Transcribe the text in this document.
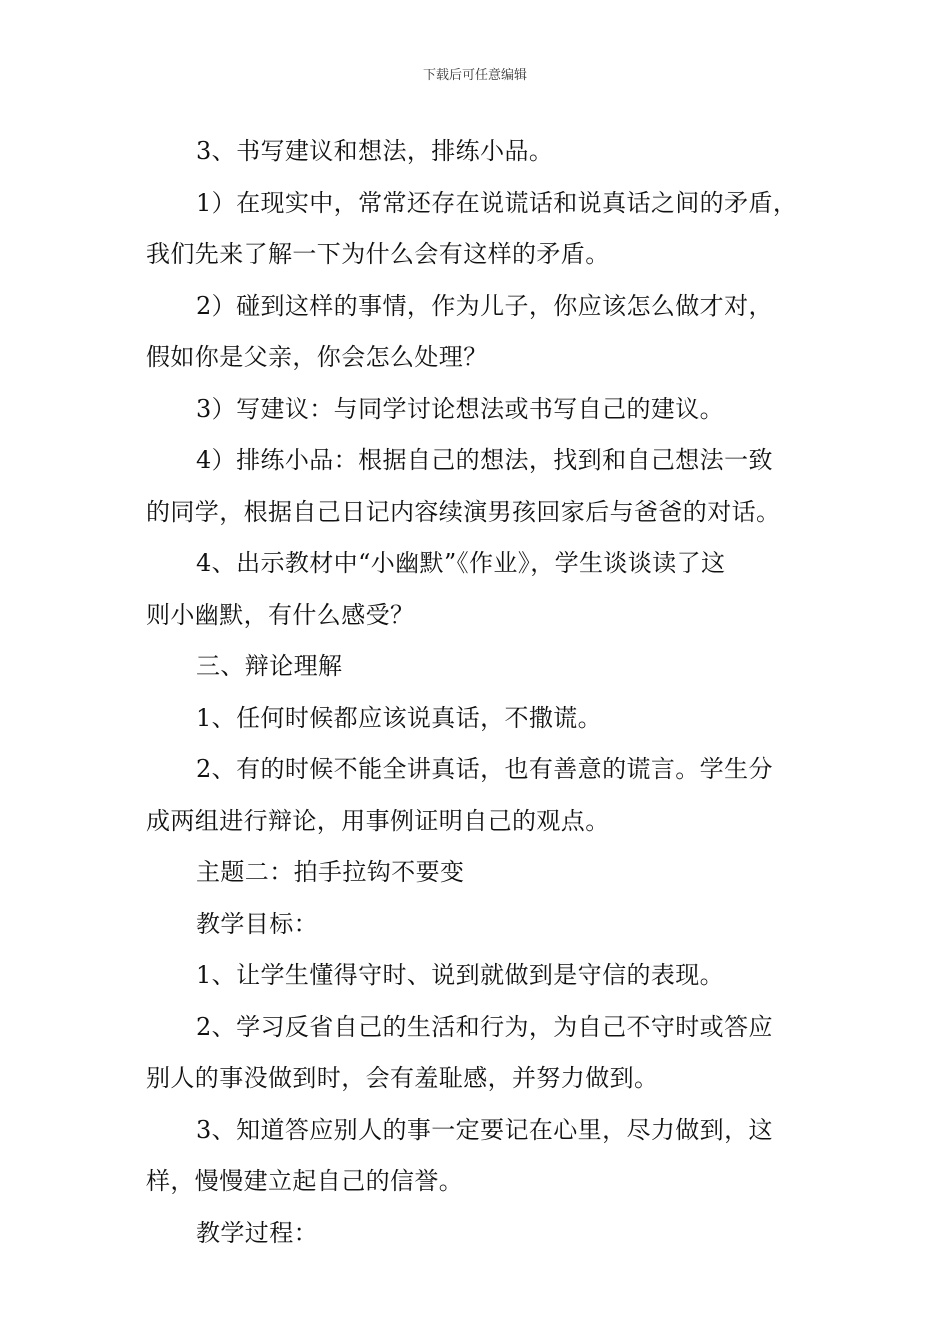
下载后可任意编辑
3、书写建议和想法，排练小品。
1）在现实中，常常还存在说谎话和说真话之间的矛盾，
我们先来了解一下为什么会有这样的矛盾。
2）碰到这样的事情，作为儿子，你应该怎么做才对，
假如你是父亲，你会怎么处理？
3）写建议：与同学讨论想法或书写自己的建议。
4）排练小品：根据自己的想法，找到和自己想法一致
的同学，根据自己日记内容续演男孩回家后与爸爸的对话。
4、出示教材中“小幽默”《作业》，学生谈谈读了这
则小幽默，有什么感受？
三、辩论理解
1、任何时候都应该说真话，不撒谎。
2、有的时候不能全讲真话，也有善意的谎言。学生分
成两组进行辩论，用事例证明自己的观点。
主题二：拍手拉钩不要变
教学目标：
1、让学生懂得守时、说到就做到是守信的表现。
2、学习反省自己的生活和行为，为自己不守时或答应
别人的事没做到时，会有羞耻感，并努力做到。
3、知道答应别人的事一定要记在心里，尽力做到，这
样，慢慢建立起自己的信誉。
教学过程：
